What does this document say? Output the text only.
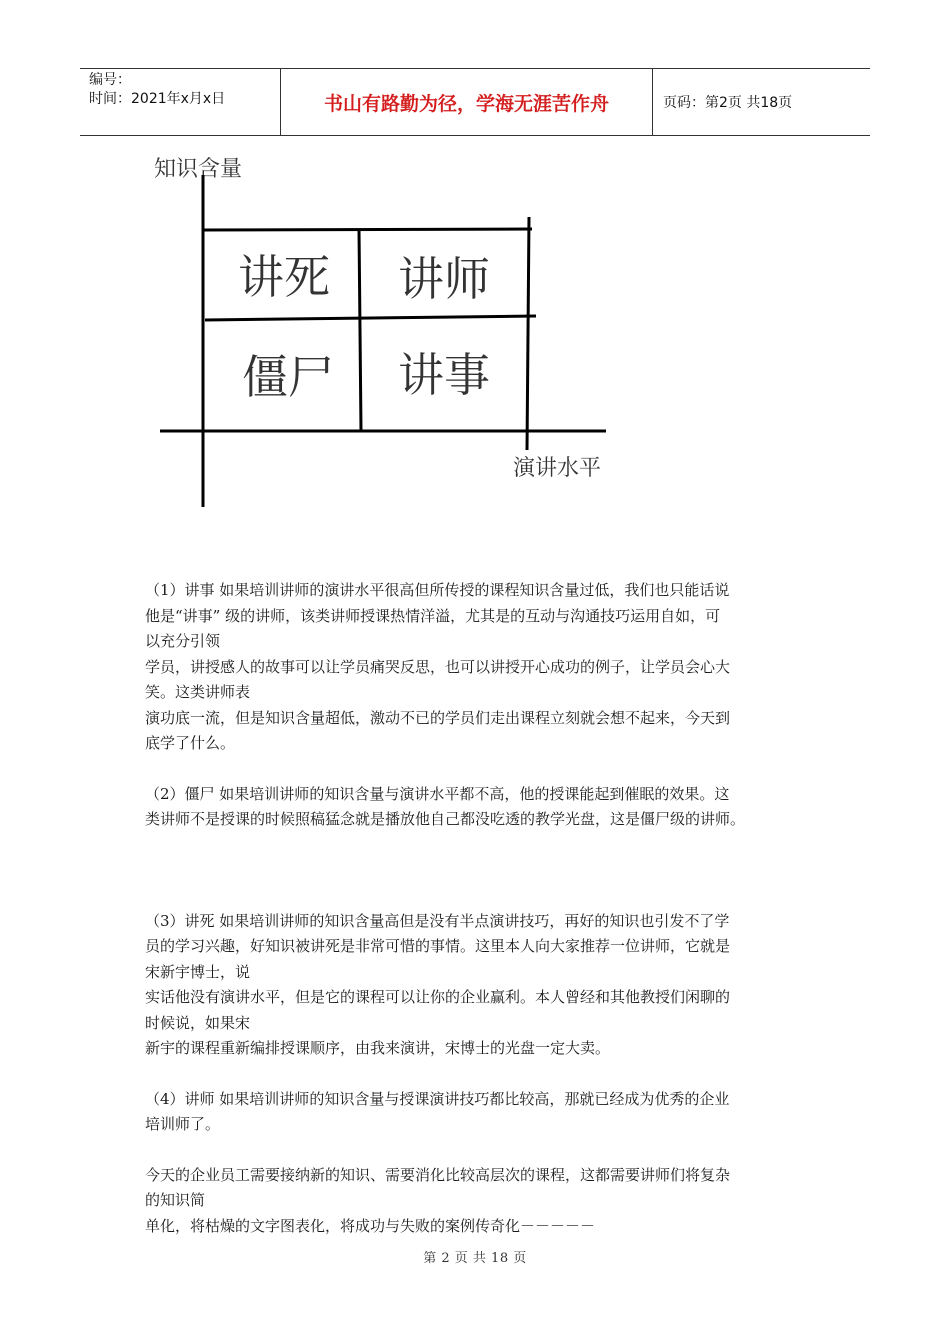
编号：
时间：2021年x月x日	书山有路勤为径，学海无涯苦作舟	页码：第2页 共18页
知识含量
讲死 讲师
僵尸 讲事
演讲水平

（1）讲事 如果培训讲师的演讲水平很高但所传授的课程知识含量过低，我们也只能话说
他是“讲事” 级的讲师，该类讲师授课热情洋溢，尤其是的互动与沟通技巧运用自如，可
以充分引领
学员，讲授感人的故事可以让学员痛哭反思，也可以讲授开心成功的例子，让学员会心大
笑。这类讲师表
演功底一流，但是知识含量超低，激动不已的学员们走出课程立刻就会想不起来，今天到
底学了什么。

（2）僵尸 如果培训讲师的知识含量与演讲水平都不高，他的授课能起到催眠的效果。这
类讲师不是授课的时候照稿猛念就是播放他自己都没吃透的教学光盘，这是僵尸级的讲师。

（3）讲死 如果培训讲师的知识含量高但是没有半点演讲技巧，再好的知识也引发不了学
员的学习兴趣，好知识被讲死是非常可惜的事情。这里本人向大家推荐一位讲师，它就是
宋新宇博士，说
实话他没有演讲水平，但是它的课程可以让你的企业赢利。本人曾经和其他教授们闲聊的
时候说，如果宋
新宇的课程重新编排授课顺序，由我来演讲，宋博士的光盘一定大卖。

（4）讲师 如果培训讲师的知识含量与授课演讲技巧都比较高，那就已经成为优秀的企业
培训师了。

今天的企业员工需要接纳新的知识、需要消化比较高层次的课程，这都需要讲师们将复杂
的知识简
单化，将枯燥的文字图表化，将成功与失败的案例传奇化－－－－－

第 2 页 共 18 页
